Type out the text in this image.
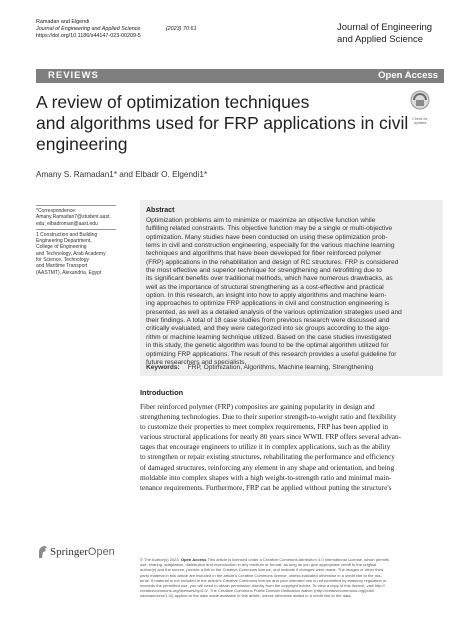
Ramadan and Elgendi
Journal of Engineering and Applied Science	(2023) 70:61
https://doi.org/10.1186/s44147-023-00209-5
Journal of Engineering
and Applied Science
REVIEWS	Open Access
A review of optimization techniques
and algorithms used for FRP applications in civil
engineering
Check for
updates
Amany S. Ramadan1* and Elbadr O. Elgendi1*
*Correspondence:
Amany.Ramadan7@student.aast.
edu; elbadroman@aast.edu
1 Construction and Building
Engineering Department,
College of Engineering
and Technology, Arab Academy
for Science, Technology
and Maritime Transport
(AASTMT), Alexandria, Egypt
Abstract
Optimization problems aim to minimize or maximize an objective function while
fulfilling related constraints. This objective function may be a single or multi-objective
optimization. Many studies have been conducted on using these optimization prob-
lems in civil and construction engineering, especially for the various machine learning
techniques and algorithms that have been developed for fiber reinforced polymer
(FRP) applications in the rehabilitation and design of RC structures. FRP is considered
the most effective and superior technique for strengthening and retrofitting due to
its significant benefits over traditional methods, which have numerous drawbacks, as
well as the importance of structural strengthening as a cost-effective and practical
option. In this research, an insight into how to apply algorithms and machine learn-
ing approaches to optimize FRP applications in civil and construction engineering is
presented, as well as a detailed analysis of the various optimization strategies used and
their findings. A total of 18 case studies from previous research were discussed and
critically evaluated, and they were categorized into six groups according to the algo-
rithm or machine learning technique utilized. Based on the case studies investigated
in this study, the genetic algorithm was found to be the optimal algorithm utilized for
optimizing FRP applications. The result of this research provides a useful guideline for
future researchers and specialists.
Keywords: FRP, Optimization, Algorithms, Machine learning, Strengthening
Introduction
Fiber reinforced polymer (FRP) composites are gaining popularity in design and
strengthening technologies. Due to their superior strength-to-weight ratio and flexibility
to customize their properties to meet complex requirements, FRP has been applied in
various structural applications for nearly 80 years since WWII. FRP offers several advan-
tages that encourage engineers to utilize it in complex applications, such as the ability
to strengthen or repair existing structures, rehabilitating the performance and efficiency
of damaged structures, reinforcing any element in any shape and orientation, and being
moldable into complex shapes with a high weight-to-strength ratio and minimal main-
tenance requirements. Furthermore, FRP can be applied without putting the structure's
SpringerOpen
© The Author(s) 2023. Open Access This article is licensed under a Creative Commons Attribution 4.0 International License, which permits
use, sharing, adaptation, distribution and reproduction in any medium or format, as long as you give appropriate credit to the original
author(s) and the source, provide a link to the Creative Commons licence, and indicate if changes were made. The images or other third
party material in this article are included in the article's Creative Commons licence, unless indicated otherwise in a credit line to the ma-
terial. If material is not included in the article's Creative Commons licence and your intended use is not permitted by statutory regulation or
exceeds the permitted use, you will need to obtain permission directly from the copyright holder. To view a copy of this licence, visit http://
creativecommons.org/licenses/by/4.0/. The Creative Commons Public Domain Dedication waiver (http://creativecommons.org/publi
cdomain/zero/1.0/) applies to the data made available in this article, unless otherwise stated in a credit line to the data.
